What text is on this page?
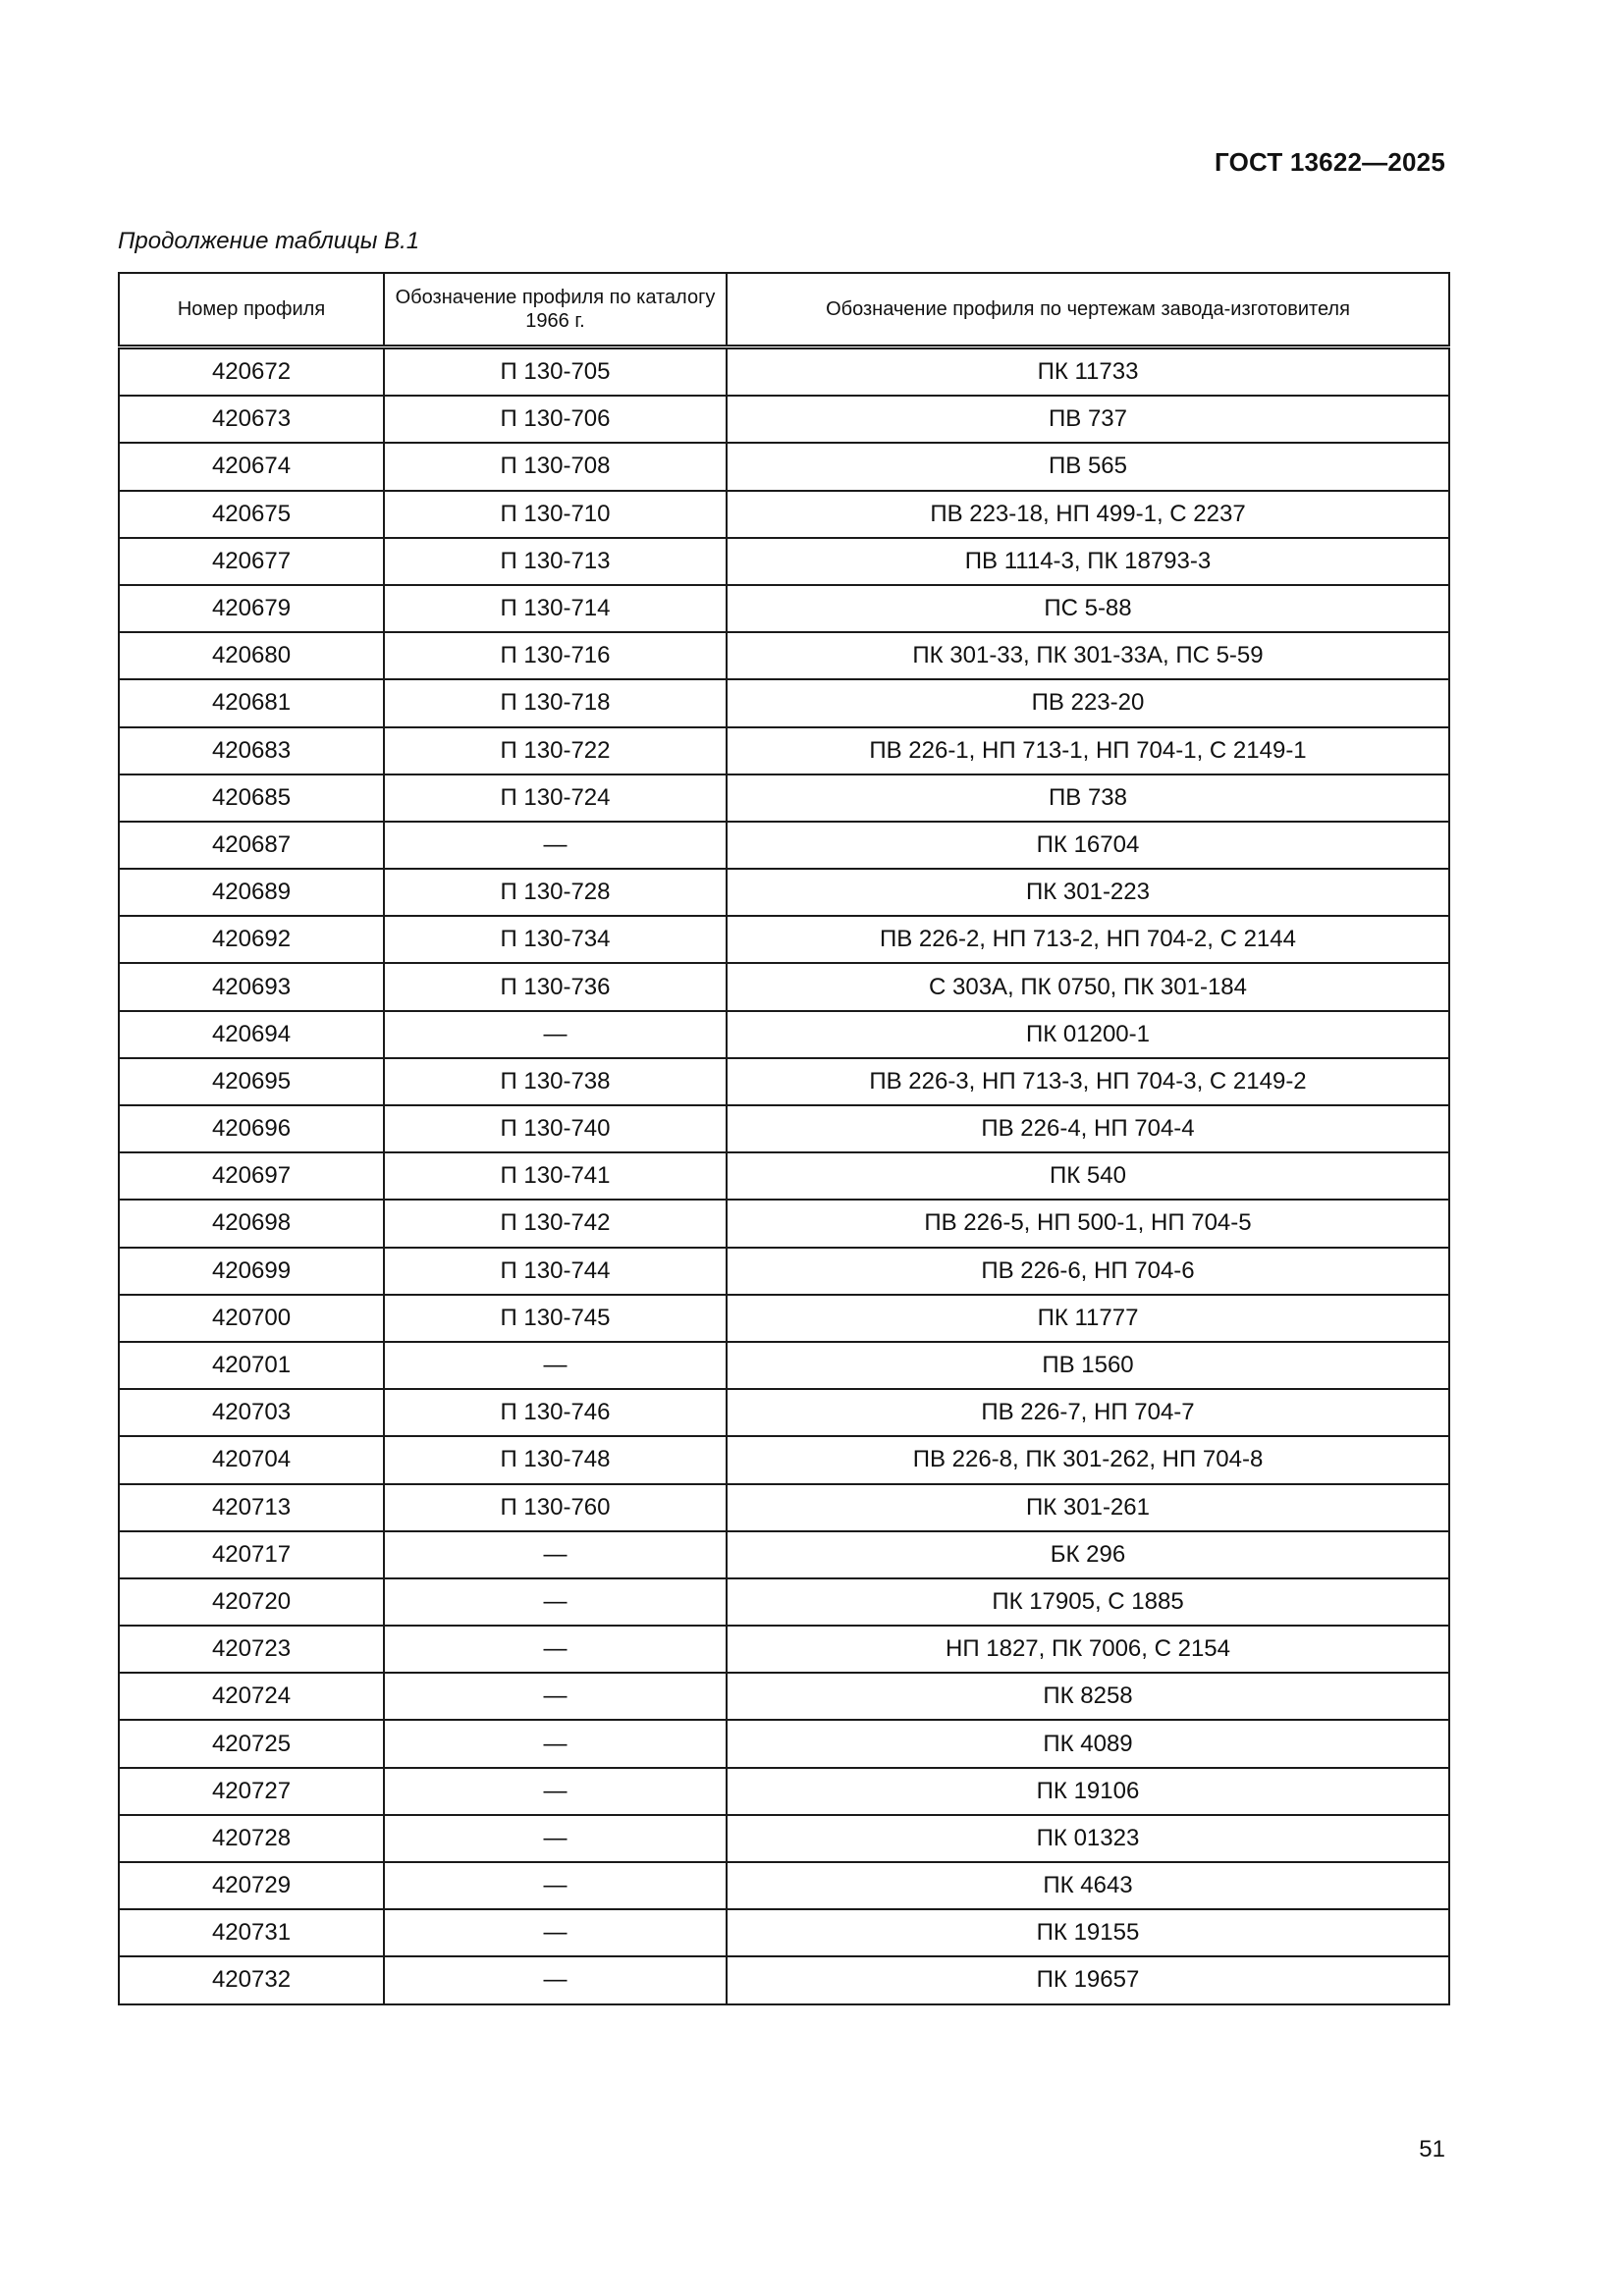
ГОСТ 13622—2025
Продолжение таблицы В.1
Номер профиля	Обозначение профиля по каталогу 1966 г.	Обозначение профиля по чертежам завода-изготовителя
420672	П 130-705	ПК 11733
420673	П 130-706	ПВ 737
420674	П 130-708	ПВ 565
420675	П 130-710	ПВ 223-18, НП 499-1, С 2237
420677	П 130-713	ПВ 1114-3, ПК 18793-3
420679	П 130-714	ПС 5-88
420680	П 130-716	ПК 301-33, ПК 301-33А, ПС 5-59
420681	П 130-718	ПВ 223-20
420683	П 130-722	ПВ 226-1, НП 713-1, НП 704-1, С 2149-1
420685	П 130-724	ПВ 738
420687	—	ПК 16704
420689	П 130-728	ПК 301-223
420692	П 130-734	ПВ 226-2, НП 713-2, НП 704-2, С 2144
420693	П 130-736	С 303А, ПК 0750, ПК 301-184
420694	—	ПК 01200-1
420695	П 130-738	ПВ 226-3, НП 713-3, НП 704-3, С 2149-2
420696	П 130-740	ПВ 226-4, НП 704-4
420697	П 130-741	ПК 540
420698	П 130-742	ПВ 226-5, НП 500-1, НП 704-5
420699	П 130-744	ПВ 226-6, НП 704-6
420700	П 130-745	ПК 11777
420701	—	ПВ 1560
420703	П 130-746	ПВ 226-7, НП 704-7
420704	П 130-748	ПВ 226-8, ПК 301-262, НП 704-8
420713	П 130-760	ПК 301-261
420717	—	БК 296
420720	—	ПК 17905, С 1885
420723	—	НП 1827, ПК 7006, С 2154
420724	—	ПК 8258
420725	—	ПК 4089
420727	—	ПК 19106
420728	—	ПК 01323
420729	—	ПК 4643
420731	—	ПК 19155
420732	—	ПК 19657
51
